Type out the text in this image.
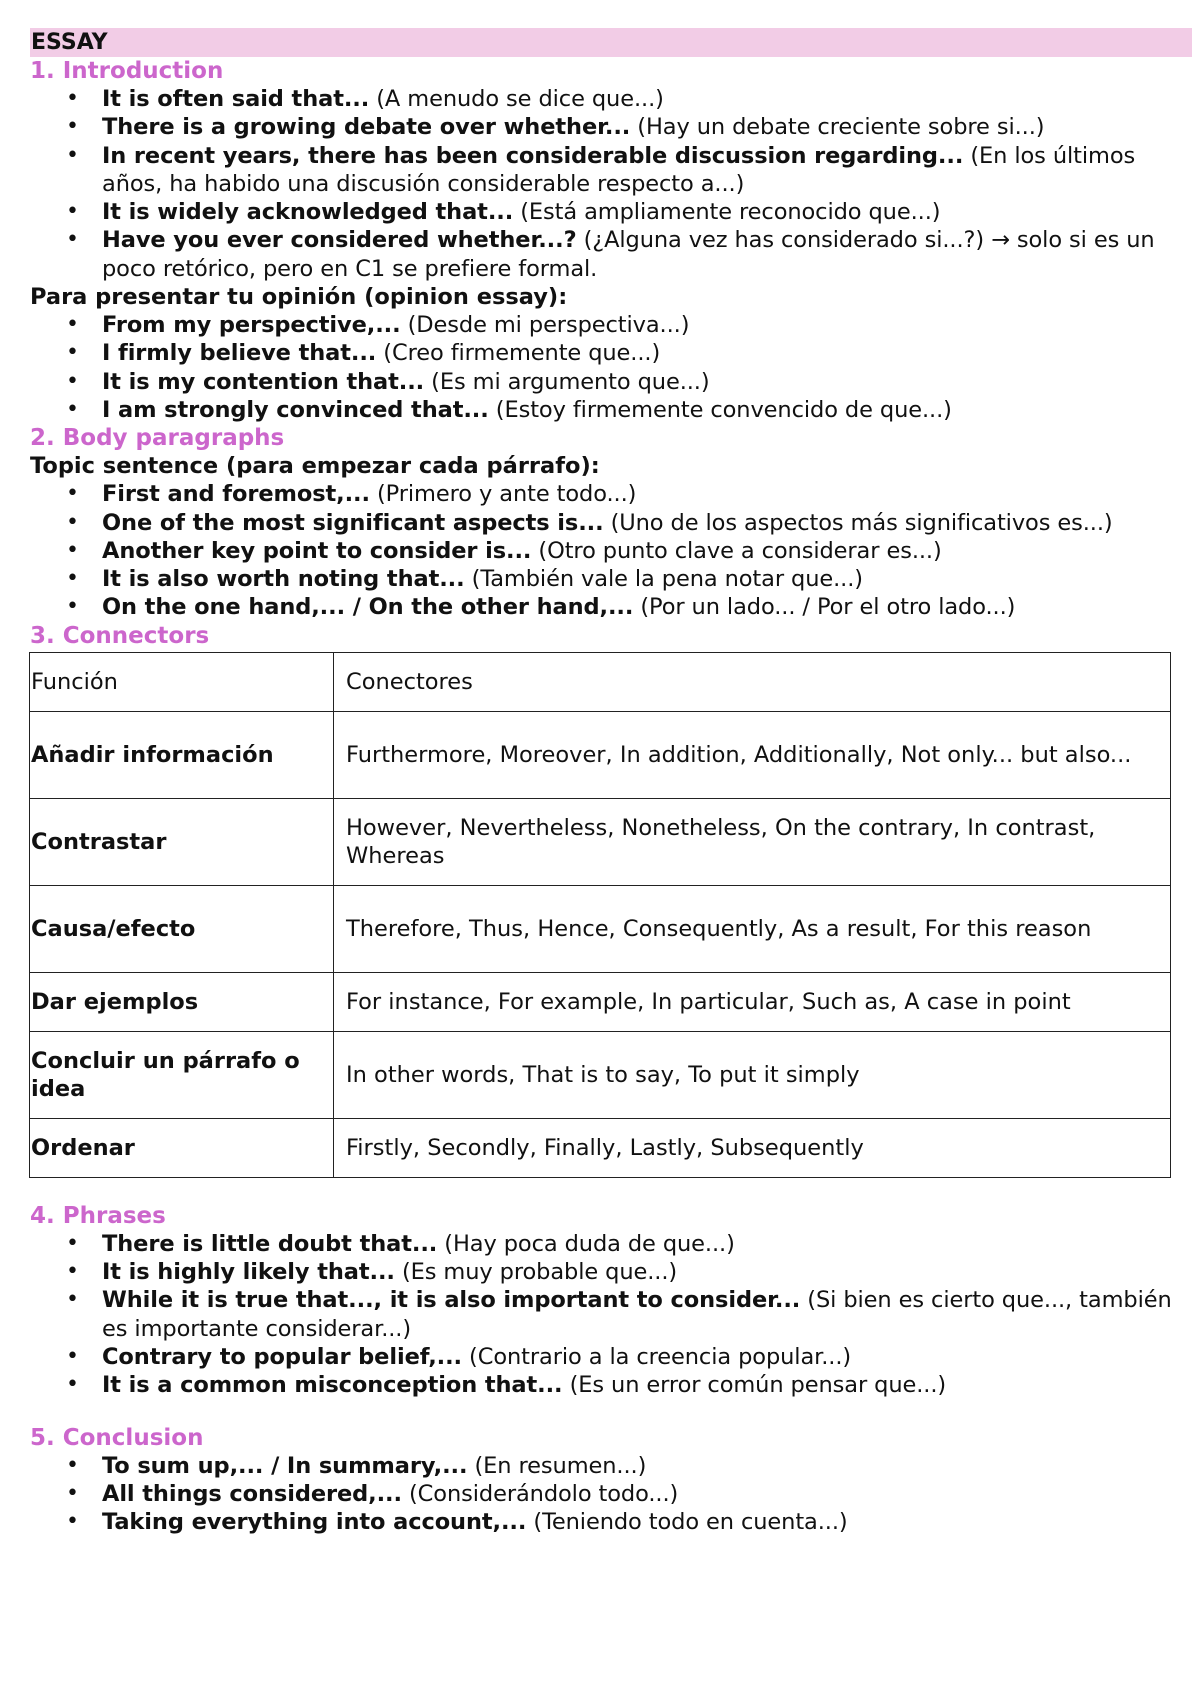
ESSAY
1. Introduction
• It is often said that... (A menudo se dice que...)
• There is a growing debate over whether... (Hay un debate creciente sobre si...)
• In recent years, there has been considerable discussion regarding... (En los últimos años, ha habido una discusión considerable respecto a...)
• It is widely acknowledged that... (Está ampliamente reconocido que...)
• Have you ever considered whether...? (¿Alguna vez has considerado si...?) → solo si es un poco retórico, pero en C1 se prefiere formal.
Para presentar tu opinión (opinion essay):
• From my perspective,... (Desde mi perspectiva...)
• I firmly believe that... (Creo firmemente que...)
• It is my contention that... (Es mi argumento que...)
• I am strongly convinced that... (Estoy firmemente convencido de que...)
2. Body paragraphs
Topic sentence (para empezar cada párrafo):
• First and foremost,... (Primero y ante todo...)
• One of the most significant aspects is... (Uno de los aspectos más significativos es...)
• Another key point to consider is... (Otro punto clave a considerar es...)
• It is also worth noting that... (También vale la pena notar que...)
• On the one hand,... / On the other hand,... (Por un lado... / Por el otro lado...)
3. Connectors
Función	Conectores
Añadir información	Furthermore, Moreover, In addition, Additionally, Not only... but also...
Contrastar	However, Nevertheless, Nonetheless, On the contrary, In contrast, Whereas
Causa/efecto	Therefore, Thus, Hence, Consequently, As a result, For this reason
Dar ejemplos	For instance, For example, In particular, Such as, A case in point
Concluir un párrafo o idea	In other words, That is to say, To put it simply
Ordenar	Firstly, Secondly, Finally, Lastly, Subsequently
4. Phrases
• There is little doubt that... (Hay poca duda de que...)
• It is highly likely that... (Es muy probable que...)
• While it is true that..., it is also important to consider... (Si bien es cierto que..., también es importante considerar...)
• Contrary to popular belief,... (Contrario a la creencia popular...)
• It is a common misconception that... (Es un error común pensar que...)
5. Conclusion
• To sum up,... / In summary,... (En resumen...)
• All things considered,... (Considerándolo todo...)
• Taking everything into account,... (Teniendo todo en cuenta...)
